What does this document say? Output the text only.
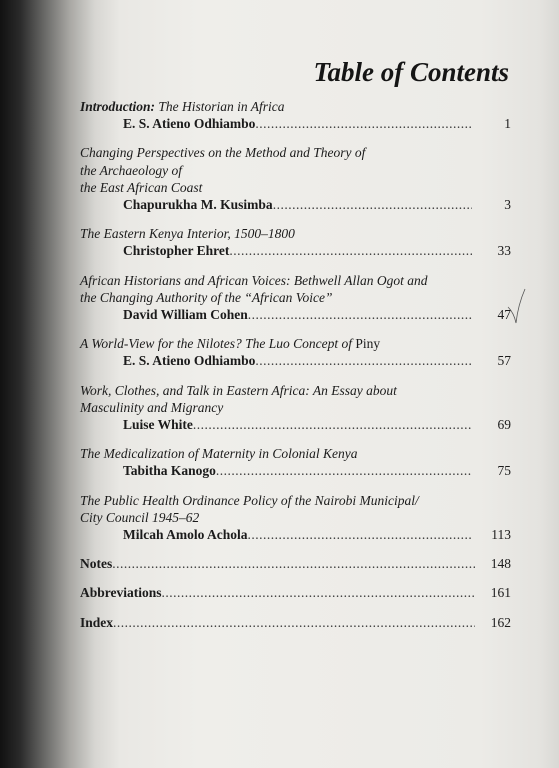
Table of Contents

Introduction: The Historian in Africa

E. S. Atieno Odhiambo .....	1

Changing Perspectives on the Method and Theory of

the Archaeology of

the East African Coast

Chapurukha M. Kusimba .....	3

The Eastern Kenya Interior, 1500–1800

Christopher Ehret .....	33

African Historians and African Voices: Bethwell Allan Ogot and

the Changing Authority of the “African Voice”

David William Cohen .....	47

A World-View for the Nilotes? The Luo Concept of Piny

E. S. Atieno Odhiambo .....	57

Work, Clothes, and Talk in Eastern Africa: An Essay about

Masculinity and Migrancy

Luise White .....	69

The Medicalization of Maternity in Colonial Kenya

Tabitha Kanogo .....	75

The Public Health Ordinance Policy of the Nairobi Municipal/

City Council 1945–62

Milcah Amolo Achola .....	113
Notes .....	148
Abbreviations .....	161
Index .....	162
